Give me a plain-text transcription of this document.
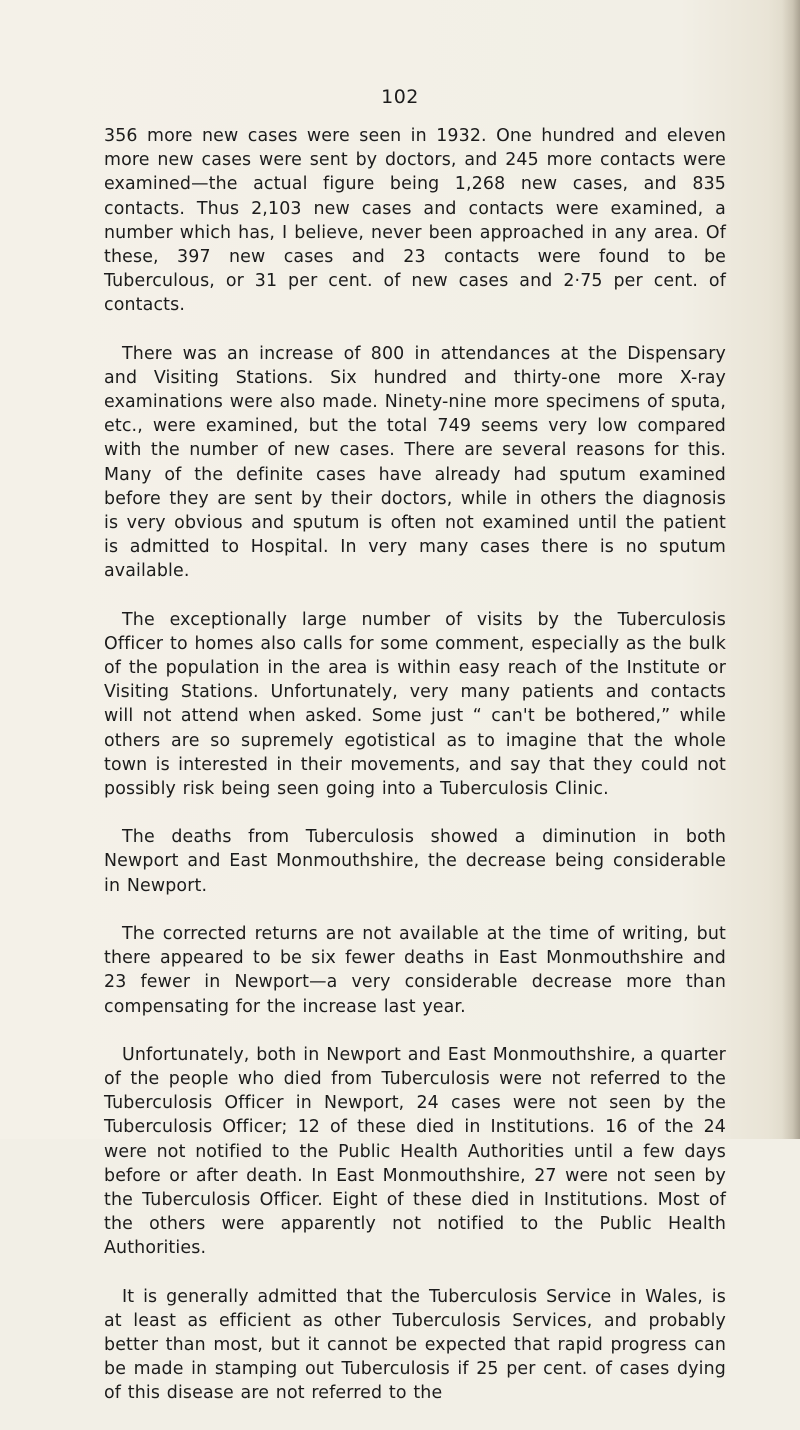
102

356 more new cases were seen in 1932. One hundred and eleven more new cases were sent by doctors, and 245 more contacts were examined—the actual figure being 1,268 new cases, and 835 contacts. Thus 2,103 new cases and contacts were examined, a number which has, I believe, never been approached in any area. Of these, 397 new cases and 23 contacts were found to be Tuberculous, or 31 per cent. of new cases and 2·75 per cent. of contacts.

There was an increase of 800 in attendances at the Dispensary and Visiting Stations. Six hundred and thirty-one more X-ray examinations were also made. Ninety-nine more specimens of sputa, etc., were examined, but the total 749 seems very low compared with the number of new cases. There are several reasons for this. Many of the definite cases have already had sputum examined before they are sent by their doctors, while in others the diagnosis is very obvious and sputum is often not examined until the patient is admitted to Hospital. In very many cases there is no sputum available.

The exceptionally large number of visits by the Tuberculosis Officer to homes also calls for some comment, especially as the bulk of the population in the area is within easy reach of the Institute or Visiting Stations. Unfortunately, very many patients and contacts will not attend when asked. Some just “ can't be bothered,” while others are so supremely egotistical as to imagine that the whole town is interested in their movements, and say that they could not possibly risk being seen going into a Tuberculosis Clinic.

The deaths from Tuberculosis showed a diminution in both Newport and East Monmouthshire, the decrease being considerable in Newport.

The corrected returns are not available at the time of writing, but there appeared to be six fewer deaths in East Monmouthshire and 23 fewer in Newport—a very considerable decrease more than compensating for the increase last year.

Unfortunately, both in Newport and East Monmouthshire, a quarter of the people who died from Tuberculosis were not referred to the Tuberculosis Officer in Newport, 24 cases were not seen by the Tuberculosis Officer; 12 of these died in Institutions. 16 of the 24 were not notified to the Public Health Authorities until a few days before or after death. In East Monmouthshire, 27 were not seen by the Tuberculosis Officer. Eight of these died in Institutions. Most of the others were apparently not notified to the Public Health Authorities.

It is generally admitted that the Tuberculosis Service in Wales, is at least as efficient as other Tuberculosis Services, and probably better than most, but it cannot be expected that rapid progress can be made in stamping out Tuberculosis if 25 per cent. of cases dying of this disease are not referred to the
